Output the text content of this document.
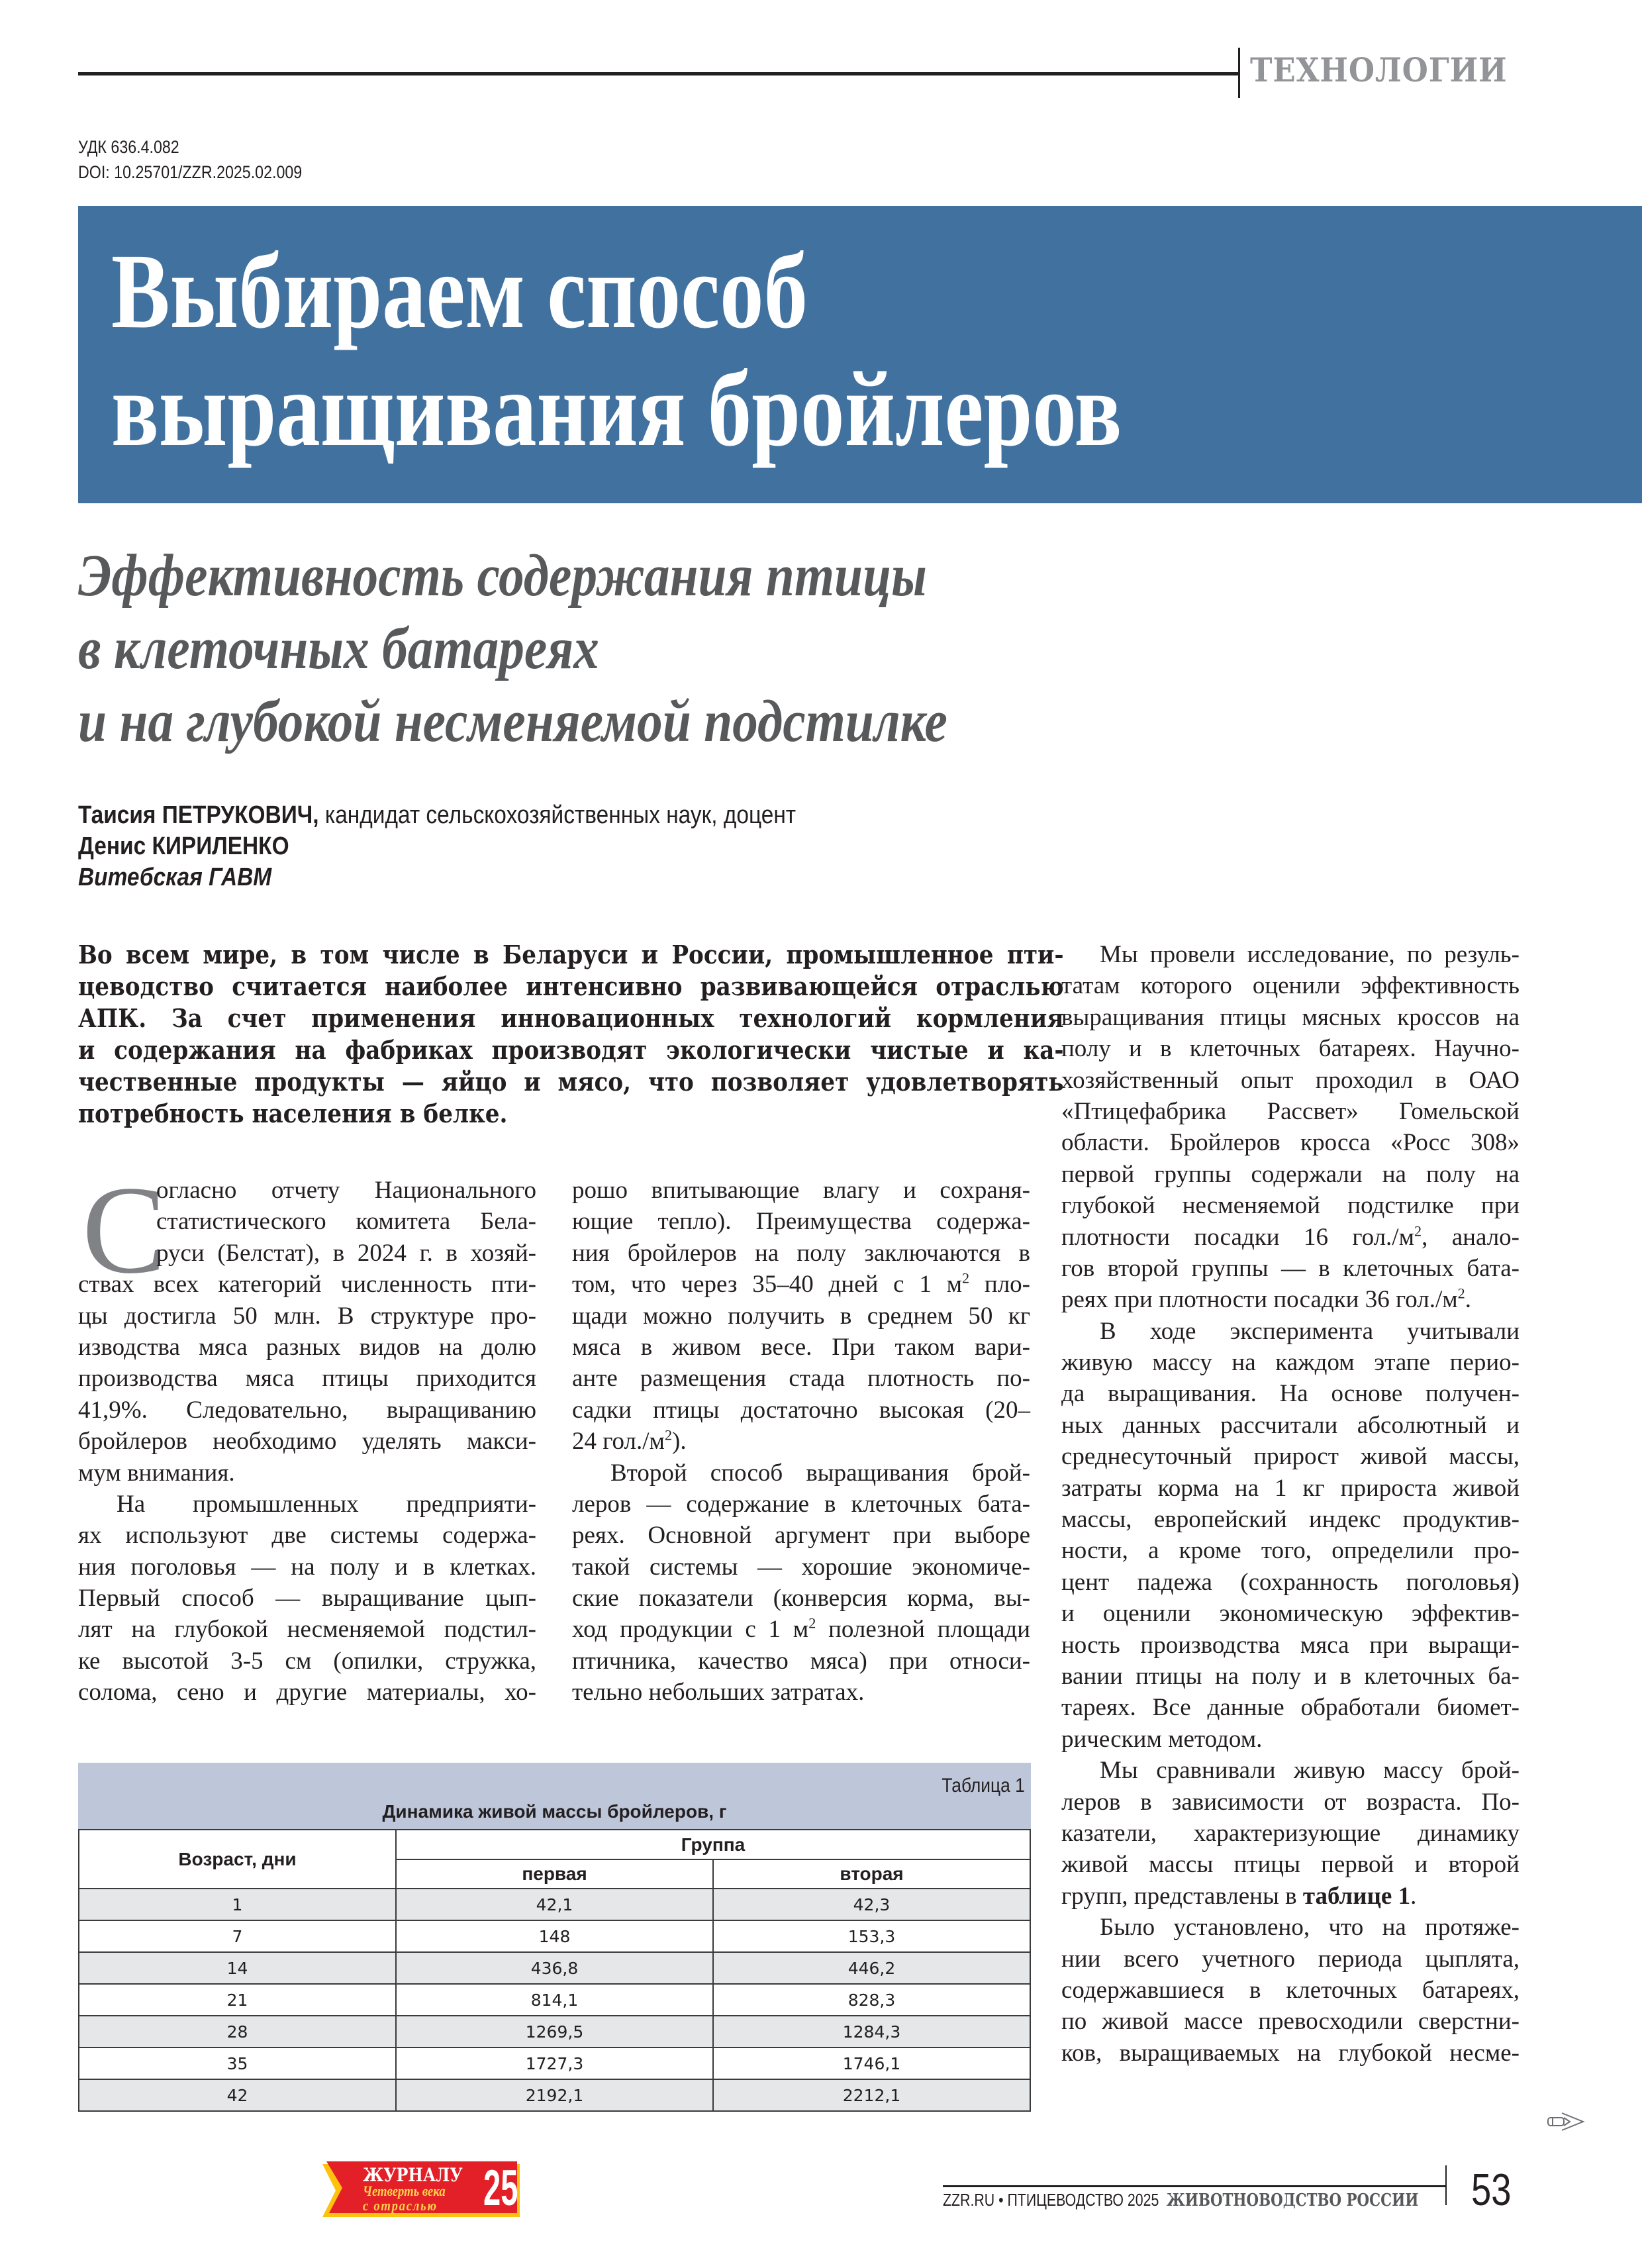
ТЕХНОЛОГИИ
УДК 636.4.082
DOI: 10.25701/ZZR.2025.02.009
Выбираем способ
выращивания бройлеров
Эффективность содержания птицы
в клеточных батареях
и на глубокой несменяемой подстилке
Таисия ПЕТРУКОВИЧ, кандидат сельскохозяйственных наук, доцент
Денис КИРИЛЕНКО
Витебская ГАВМ
Во всем мире, в том числе в Беларуси и России, промышленное пти-
цеводство считается наиболее интенсивно развивающейся отраслью
АПК. За счет применения инновационных технологий кормления
и содержания на фабриках производят экологически чистые и ка-
чественные продукты — яйцо и мясо, что позволяет удовлетворять
потребность населения в белке.
С
огласно отчету Национального
статистического комитета Бела-
руси (Белстат), в 2024 г. в хозяй-
ствах всех категорий численность пти-
цы достигла 50 млн. В структуре про-
изводства мяса разных видов на долю
производства мяса птицы приходится
41,9%. Следовательно, выращиванию
бройлеров необходимо уделять макси-
мум внимания.
На промышленных предприяти-
ях используют две системы содержа-
ния поголовья — на полу и в клетках.
Первый способ — выращивание цып-
лят на глубокой несменяемой подстил-
ке высотой 3-5 см (опилки, стружка,
солома, сено и другие материалы, хо-
рошо впитывающие влагу и сохраня-
ющие тепло). Преимущества содержа-
ния бройлеров на полу заключаются в
том, что через 35–40 дней с 1 $м^2$ пло-
щади можно получить в среднем 50 кг
мяса в живом весе. При таком вари-
анте размещения стада плотность по-
садки птицы достаточно высокая (20–
24 $гол./м^2$).
Второй способ выращивания брой-
леров — содержание в клеточных бата-
реях. Основной аргумент при выборе
такой системы — хорошие экономиче-
ские показатели (конверсия корма, вы-
ход продукции с 1 $м^2$ полезной площади
птичника, качество мяса) при относи-
тельно небольших затратах.
Мы провели исследование, по резуль-
татам которого оценили эффективность
выращивания птицы мясных кроссов на
полу и в клеточных батареях. Научно-
хозяйственный опыт проходил в ОАО
«Птицефабрика Рассвет» Гомельской
области. Бройлеров кросса «Росс 308»
первой группы содержали на полу на
глубокой несменяемой подстилке при
плотности посадки 16 $гол./м^2$, анало-
гов второй группы — в клеточных бата-
реях при плотности посадки 36 $гол./м^2$.
В ходе эксперимента учитывали
живую массу на каждом этапе перио-
да выращивания. На основе получен-
ных данных рассчитали абсолютный и
среднесуточный прирост живой массы,
затраты корма на 1 кг прироста живой
массы, европейский индекс продуктив-
ности, а кроме того, определили про-
цент падежа (сохранность поголовья)
и оценили экономическую эффектив-
ность производства мяса при выращи-
вании птицы на полу и в клеточных ба-
тареях. Все данные обработали биомет-
рическим методом.
Мы сравнивали живую массу брой-
леров в зависимости от возраста. По-
казатели, характеризующие динамику
живой массы птицы первой и второй
групп, представлены в таблице 1.
Было установлено, что на протяже-
нии всего учетного периода цыплята,
содержавшиеся в клеточных батареях,
по живой массе превосходили сверстни-
ков, выращиваемых на глубокой несме-
Таблица 1
Динамика живой массы бройлеров, г
Возраст, дни	Группа	
	первая	вторая
1	42,1	42,3
7	148	153,3
14	436,8	446,2
21	814,1	828,3
28	1269,5	1284,3
35	1727,3	1746,1
42	2192,1	2212,1
ЖУРНАЛУ
Четверть века
с отраслью 25	ZZR.RU • ПТИЦЕВОДСТВО 2025 ЖИВОТНОВОДСТВО РОССИИ 53
